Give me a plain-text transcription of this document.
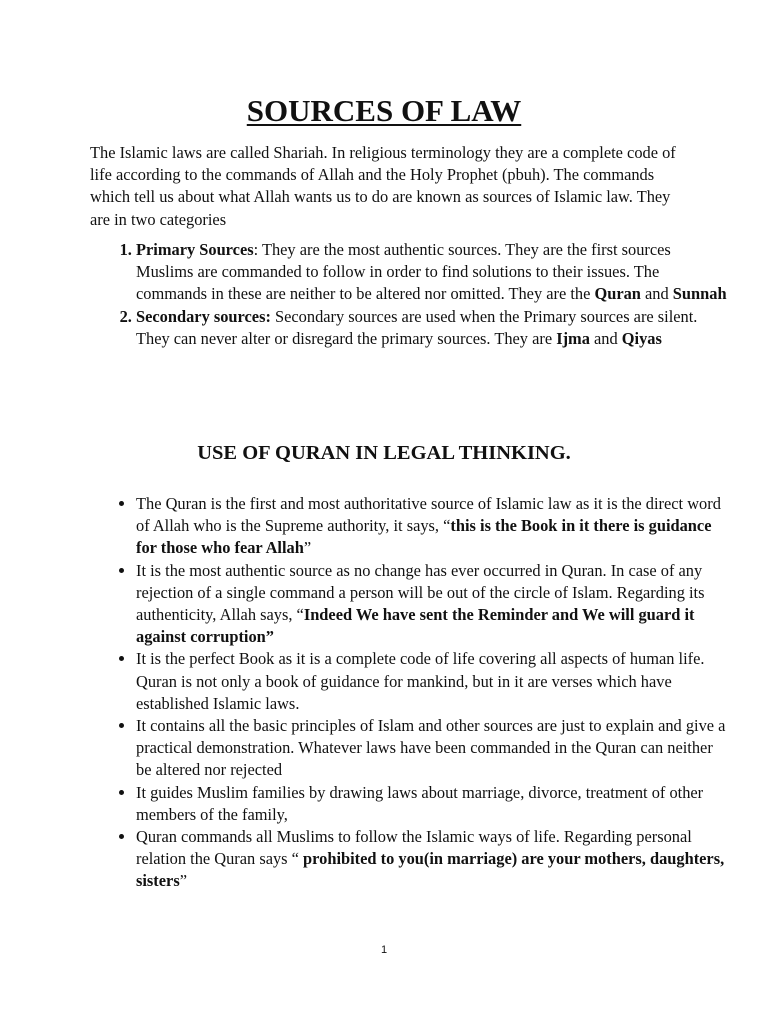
SOURCES OF LAW

The Islamic laws are called Shariah. In religious terminology they are a complete code of life according to the commands of Allah and the Holy Prophet (pbuh). The commands which tell us about what Allah wants us to do are known as sources of Islamic law. They are in two categories

1. Primary Sources: They are the most authentic sources. They are the first sources Muslims are commanded to follow in order to find solutions to their issues. The commands in these are neither to be altered nor omitted. They are the Quran and Sunnah
2. Secondary sources: Secondary sources are used when the Primary sources are silent. They can never alter or disregard the primary sources. They are Ijma and Qiyas
USE OF QURAN IN LEGAL THINKING.
• The Quran is the first and most authoritative source of Islamic law as it is the direct word of Allah who is the Supreme authority, it says, “this is the Book in it there is guidance for those who fear Allah”
• It is the most authentic source as no change has ever occurred in Quran. In case of any rejection of a single command a person will be out of the circle of Islam. Regarding its authenticity, Allah says, “Indeed We have sent the Reminder and We will guard it against corruption”
• It is the perfect Book as it is a complete code of life covering all aspects of human life. Quran is not only a book of guidance for mankind, but in it are verses which have established Islamic laws.
• It contains all the basic principles of Islam and other sources are just to explain and give a practical demonstration. Whatever laws have been commanded in the Quran can neither be altered nor rejected
• It guides Muslim families by drawing laws about marriage, divorce, treatment of other members of the family,
• Quran commands all Muslims to follow the Islamic ways of life. Regarding personal relation the Quran says “ prohibited to you(in marriage) are your mothers, daughters, sisters”
1
